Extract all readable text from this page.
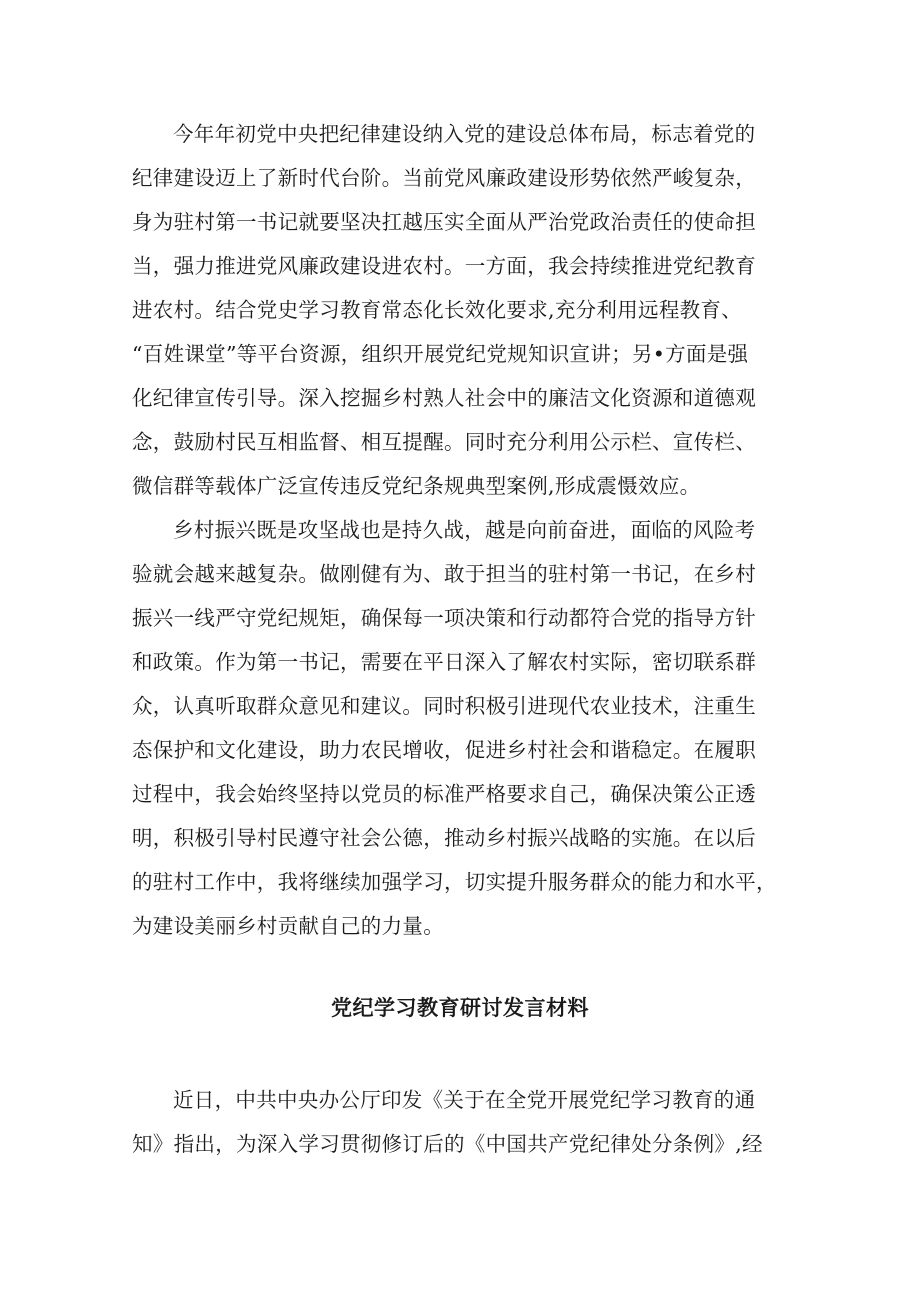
今年年初党中央把纪律建设纳入党的建设总体布局，标志着党的
纪律建设迈上了新时代台阶。当前党风廉政建设形势依然严峻复杂，
身为驻村第一书记就要坚决扛越压实全面从严治党政治责任的使命担
当，强力推进党风廉政建设进农村。一方面，我会持续推进党纪教育
进农村。结合党史学习教育常态化长效化要求,充分利用远程教育、
“百姓课堂”等平台资源，组织开展党纪党规知识宣讲；另•方面是强
化纪律宣传引导。深入挖掘乡村熟人社会中的廉洁文化资源和道德观
念，鼓励村民互相监督、相互提醒。同时充分利用公示栏、宣传栏、
微信群等载体广泛宣传违反党纪条规典型案例,形成震慑效应。
乡村振兴既是攻坚战也是持久战，越是向前奋进，面临的风险考
验就会越来越复杂。做刚健有为、敢于担当的驻村第一书记，在乡村
振兴一线严守党纪规矩，确保每一项决策和行动都符合党的指导方针
和政策。作为第一书记，需要在平日深入了解农村实际，密切联系群
众，认真听取群众意见和建议。同时积极引进现代农业技术，注重生
态保护和文化建设，助力农民增收，促进乡村社会和谐稳定。在履职
过程中，我会始终坚持以党员的标准严格要求自己，确保决策公正透
明，积极引导村民遵守社会公德，推动乡村振兴战略的实施。在以后
的驻村工作中，我将继续加强学习，切实提升服务群众的能力和水平，
为建设美丽乡村贡献自己的力量。
党纪学习教育研讨发言材料
近日，中共中央办公厅印发《关于在全党开展党纪学习教育的通
知》指出，为深入学习贯彻修订后的《中国共产党纪律处分条例》,经
